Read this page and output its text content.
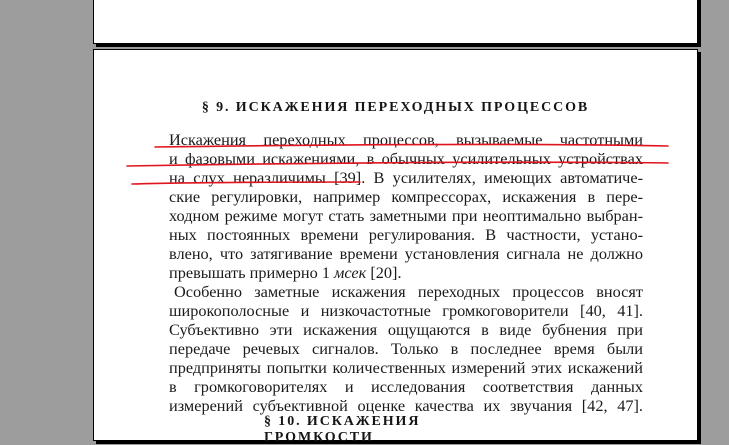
§ 9. ИСКАЖЕНИЯ ПЕРЕХОДНЫХ ПРОЦЕССОВ
Искажения переходных процессов, вызываемые частотными
и фазовыми искажениями, в обычных усилительных устройствах
на слух неразличимы [39]. В усилителях, имеющих автоматиче-
ские регулировки, например компрессорах, искажения в пере-
ходном режиме могут стать заметными при неоптимально выбран-
ных постоянных времени регулирования. В частности, устано-
влено, что затягивание времени установления сигнала не должно
превышать примерно 1 мсек [20].
Особенно заметные искажения переходных процессов вносят
широкополосные и низкочастотные громкоговорители [40, 41].
Субъективно эти искажения ощущаются в виде бубнения при
передаче речевых сигналов. Только в последнее время были
предприняты попытки количественных измерений этих искажений
в громкоговорителях и исследования соответствия данных
измерений субъективной оценке качества их звучания [42, 47].
§ 10. ИСКАЖЕНИЯ ГРОМКОСТИ
